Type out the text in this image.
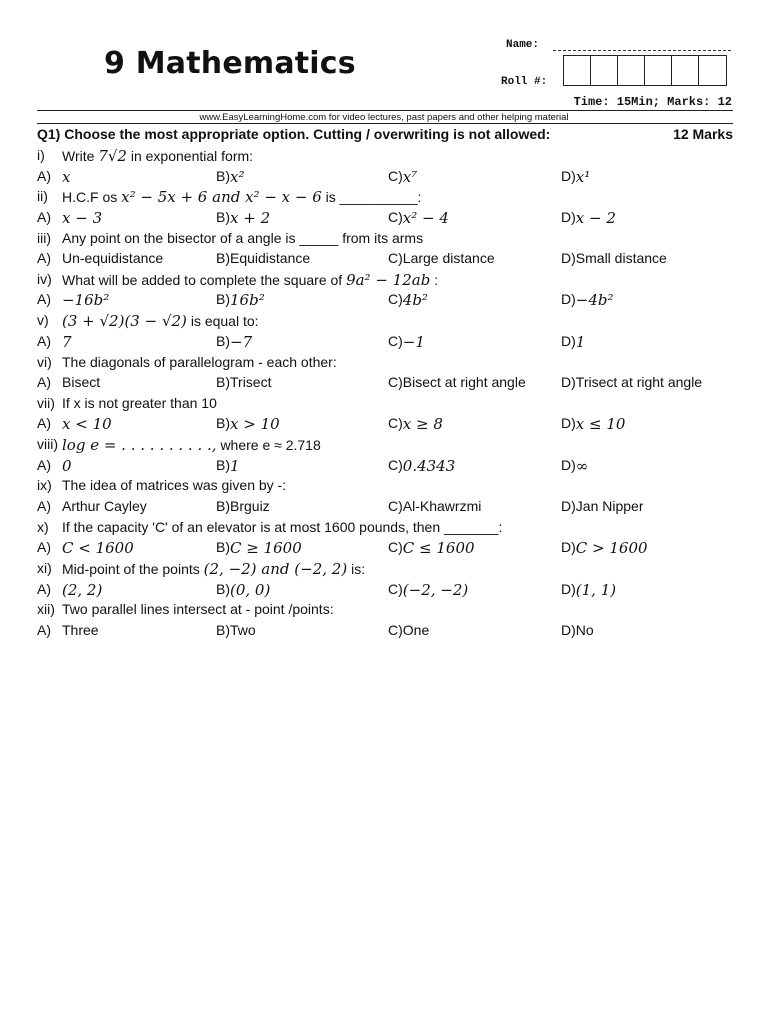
9 Mathematics
Name:
Roll #:
Time: 15Min; Marks: 12
www.EasyLearningHome.com for video lectures, past papers and other helping material
Q1) Choose the most appropriate option. Cutting / overwriting is not allowed:	12 Marks
i) Write 7√2 in exponential form:
A) x	B) x²	C) x⁷	D) x¹
ii) H.C.F os x² − 5x + 6 and x² − x − 6 is __________:
A) x − 3	B) x + 2	C) x² − 4	D) x − 2
iii) Any point on the bisector of a angle is _____ from its arms
A) Un-equidistance	B) Equidistance	C) Large distance	D) Small distance
iv) What will be added to complete the square of 9a² − 12ab :
A) −16b²	B) 16b²	C) 4b²	D) −4b²
v) (3 + √2)(3 − √2) is equal to:
A) 7	B) −7	C) −1	D) 1
vi) The diagonals of parallelogram - each other:
A) Bisect	B) Trisect	C) Bisect at right angle	D) Trisect at right angle
vii) If x is not greater than 10
A) x < 10	B) x > 10	C) x ≥ 8	D) x ≤ 10
viii) log e = . . . . . . . . . ., where e ≈ 2.718
A) 0	B) 1	C) 0.4343	D) ∞
ix) The idea of matrices was given by -:
A) Arthur Cayley	B) Brguiz	C) Al-Khawrzmi	D) Jan Nipper
x) If the capacity 'C' of an elevator is at most 1600 pounds, then _______:
A) C < 1600	B) C ≥ 1600	C) C ≤ 1600	D) C > 1600
xi) Mid-point of the points (2, −2) and (−2, 2) is:
A) (2, 2)	B) (0, 0)	C) (−2, −2)	D) (1, 1)
xii) Two parallel lines intersect at - point /points:
A) Three	B) Two	C) One	D) No
